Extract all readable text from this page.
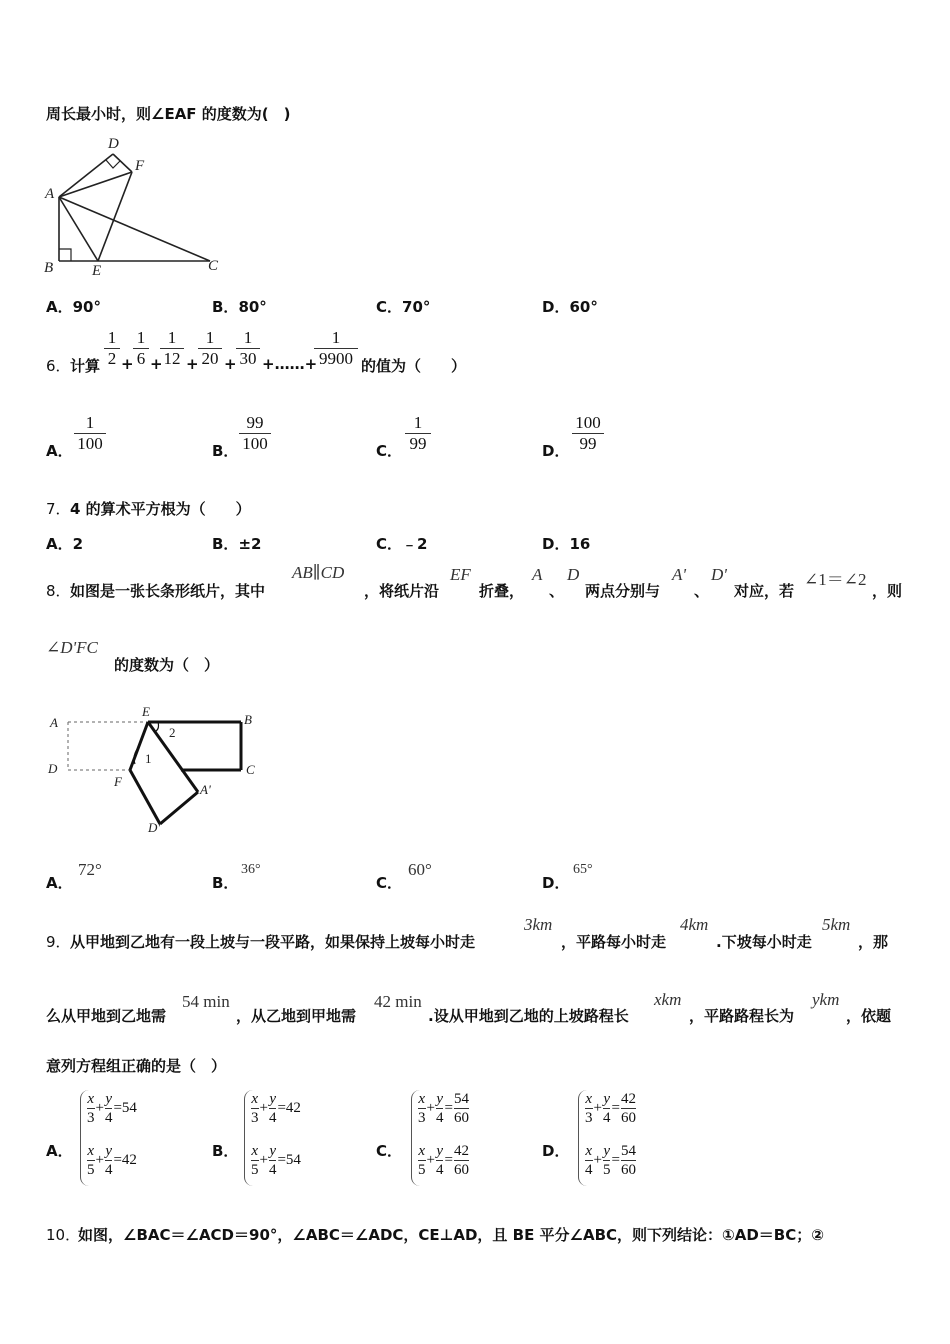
周长最小时，则∠EAF 的度数为(　)
D
F
A
B	E	C
A．90°	B．80°	C．70°	D．60°
6． 计算 $\frac{1}{2} + \frac{1}{6}$ +
$\frac{1}{12} + \frac{1}{20} + \frac{1}{30}$ +……+
$\frac{1}{9900}$ 的值为（　　）
A． $\frac{1}{100}$	B． $\frac{99}{100}$	C． $\frac{1}{99}$	D． $\frac{100}{99}$
7． 4 的算术平方根为（　　）
A．2	B．±2	C．﹣2	D．16
8． 如图是一张长条形纸片，其中
AB∥CD
，将纸片沿
EF
折叠，
A
、
D
两点分别与
A'
、
D'
对应，若
∠1＝∠2
，则
∠D'FC
的度数为（　）
A
D
E
B
C
F
A'
D'
2
1
A．
72°
B．
36°
C．
60°
D．
65°
9． 从甲地到乙地有一段上坡与一段平路，如果保持上坡每小时走
3km
，平路每小时走
4km
.下坡每小时走
5km
，那
么从甲地到乙地需
54 min
，从乙地到甲地需
42 min
.设从甲地到乙地的上坡路程长
xkm
，平路路程长为
ykm
，依题
意列方程组正确的是（　）
A．
$\frac{x}{3} + \frac{y}{4} =54$
$\frac{x}{5} + \frac{y}{4} =42$	B．
$\frac{x}{3} + \frac{y}{4} =42$
$\frac{x}{5} + \frac{y}{4} =54$	C．
$\frac{x}{3} + \frac{y}{4} = \frac{54}{60}$
$\frac{x}{5} + \frac{y}{4} = \frac{42}{60}$	D．
$\frac{x}{3} + \frac{y}{4} = \frac{42}{60}$
$\frac{x}{4} + \frac{y}{5} = \frac{54}{60}$
10．
如图，∠BAC＝∠ACD＝90°，∠ABC＝∠ADC，CE⊥AD，且 BE 平分∠ABC，则下列结论：①AD＝BC；②
